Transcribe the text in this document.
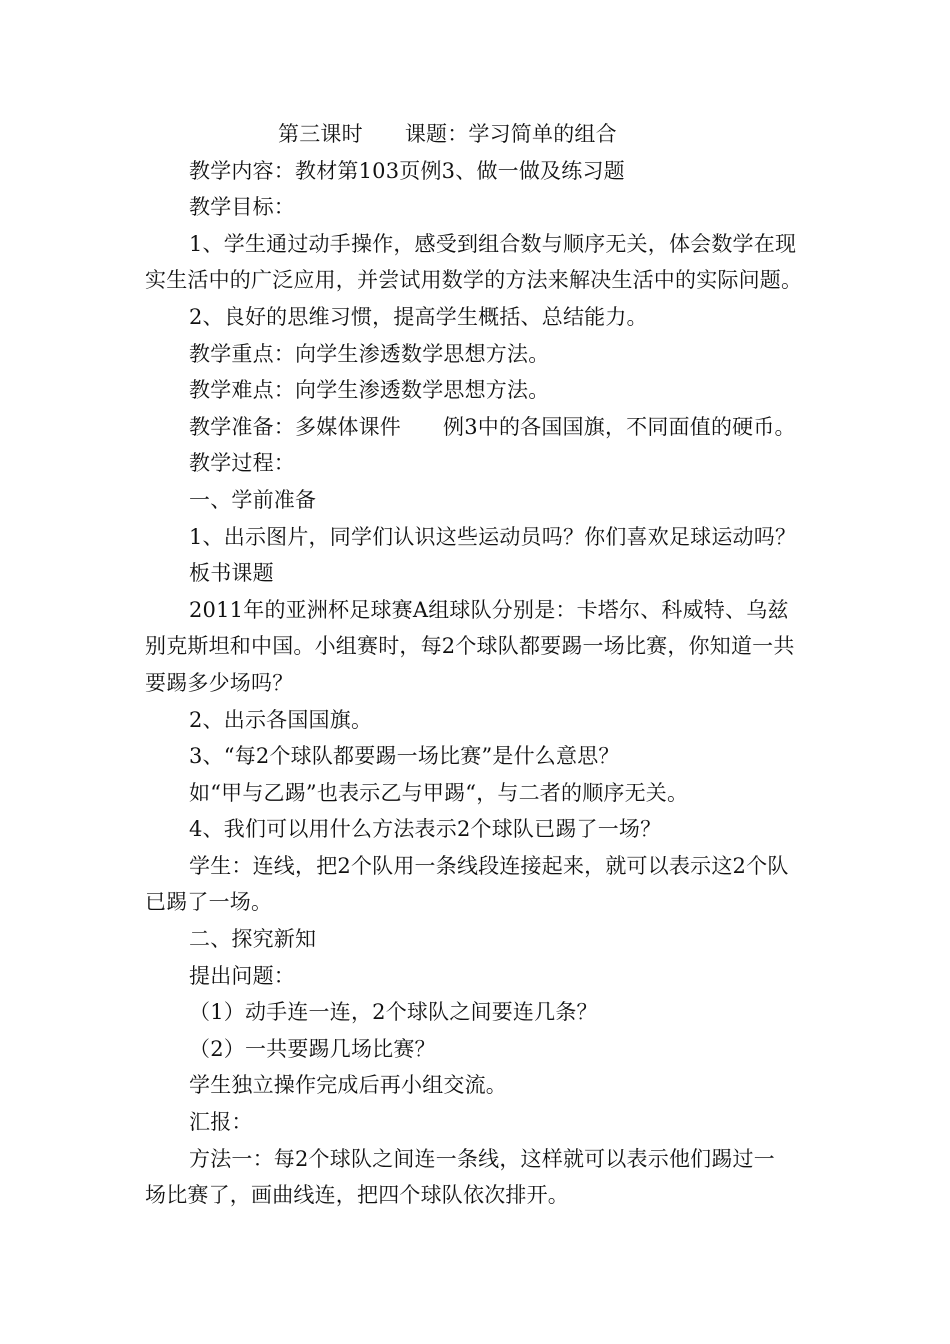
第三课时 课题：学习简单的组合
教学内容：教材第103页例3、做一做及练习题
教学目标：
1、学生通过动手操作，感受到组合数与顺序无关，体会数学在现
实生活中的广泛应用，并尝试用数学的方法来解决生活中的实际问题。
2、良好的思维习惯，提高学生概括、总结能力。
教学重点：向学生渗透数学思想方法。
教学难点：向学生渗透数学思想方法。
教学准备：多媒体课件 例3中的各国国旗，不同面值的硬币。
教学过程：
一、学前准备
1、出示图片，同学们认识这些运动员吗？你们喜欢足球运动吗？
板书课题
2011年的亚洲杯足球赛A组球队分别是：卡塔尔、科威特、乌兹
别克斯坦和中国。小组赛时，每2个球队都要踢一场比赛，你知道一共
要踢多少场吗？
2、出示各国国旗。
3、“每2个球队都要踢一场比赛”是什么意思？
如“甲与乙踢”也表示乙与甲踢“，与二者的顺序无关。
4、我们可以用什么方法表示2个球队已踢了一场？
学生：连线，把2个队用一条线段连接起来，就可以表示这2个队
已踢了一场。
二、探究新知
提出问题：
（1）动手连一连，2个球队之间要连几条？
（2）一共要踢几场比赛？
学生独立操作完成后再小组交流。
汇报：
方法一：每2个球队之间连一条线，这样就可以表示他们踢过一
场比赛了，画曲线连，把四个球队依次排开。
